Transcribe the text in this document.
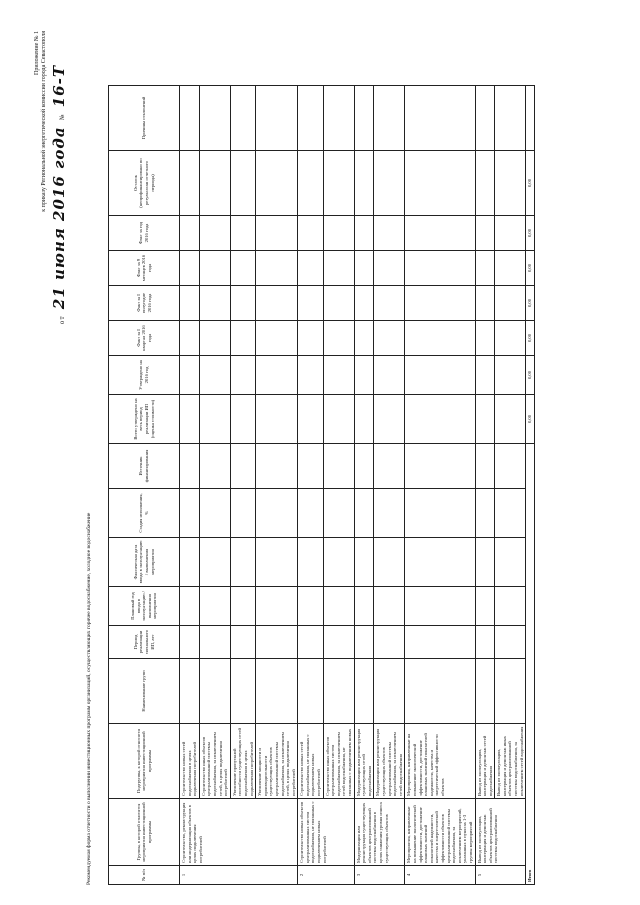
Приложение № 1 к приказу Региональной энергетической комиссии города Севастополя
от 21 июня 2016 года № 16-Т
Рекомендуемая форма отчетности о выполнении инвестиционных программ организаций, осуществляющих горячее водоснабжение, холодное водоснабжение	№ п/п	Группы, в которой относятся мероприятия инвестиционной программы	Подгруппы, к которой относятся мероприятия инвестиционной программы	Наименование групп	Период реализации сигнального ИП, лет	Плановый год ввода в эксплуатацию / выполнения мероприятия	Фактическая дата ввода в эксплуатацию / выполнения мероприятия	Стадия исполнения, %	Источник финансирования	Всего утверждено на весь период реализации ИП (оценка стоимости)	Утверждено на 2016 год	Факт за I квартал 2016 года	Факт за I полугодие 2016 года	Факт за 9 месяцев 2016 года	Факт за год 2016 года	Остаток (непрофинансировано по результатам отчетного периода)	Причины отклонений
1	Строительство, реконструкция или модернизация объектов в целях подключения потребителей	Строительство новых сетей водоснабжения в целях подключения потребителей														
		Строительство иных объектов централизованной системы водоснабжения, за исключением сетей, в целях подключения потребителей														
		Увеличение пропускной способности существующих сетей водоснабжения в целях подключения потребителей														
		Увеличение мощности и производительности существующих объектов централизованной системы водоснабжения, за исключением сетей, в целях подключения потребителей														
2	Строительство новых объектов централизованных систем водоснабжения, не связанных с подключением новых потребителей	Строительство новых сетей водоснабжения, не связанных с подключением новых потребителей														
		Строительство иных объектов централизованных систем водоснабжения, за исключением сетей водоснабжения, не связанных с подключением новых														
3	Модернизация или реконструкция существующих объектов централизованной системы водоснабжения в целях снижения уровня износа существующих объектов	Модернизация или реконструкция существующих сетей водоснабжения														
		Модернизация или реконструкция существующих объектов централизованной системы водоснабжения, за исключением сетей водоснабжения														
4	Мероприятия, направленные на повышение экологической эффективности, достижение плановых значений показателей надежности, качества и энергетической эффективности объектов централизованной системы водоснабжения, за исключением мероприятий, указанных в пунктах 1-3 группы мероприятий	Мероприятия, направленные на повышение экологической эффективности, достижение плановых значений показателей надежности, качества и энергетической эффективности объектов														
5	Вывод из эксплуатации, консервация и демонтаж объектов централизованной системы водоснабжения	Вывод из эксплуатации, консервация и демонтаж сетей водоснабжения														
		Вывод из эксплуатации, консервация и демонтаж иных объектов централизованной системы водоснабжения, за исключением сетей водоснабжения														
Итого									0,00	0,00	0,00	0,00	0,00	0,00	0,00	
